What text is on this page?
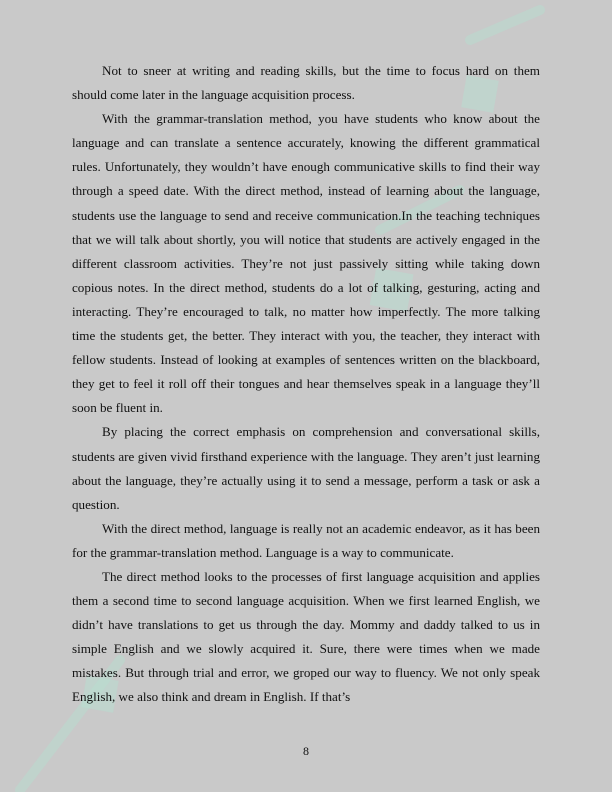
◆
◆
◆

Not to sneer at writing and reading skills, but the time to focus hard on them should come later in the language acquisition process.

With the grammar-translation method, you have students who know about the language and can translate a sentence accurately, knowing the different grammatical rules. Unfortunately, they wouldn’t have enough communicative skills to find their way through a speed date. With the direct method, instead of learning about the language, students use the language to send and receive communication.In the teaching techniques that we will talk about shortly, you will notice that students are actively engaged in the different classroom activities. They’re not just passively sitting while taking down copious notes. In the direct method, students do a lot of talking, gesturing, acting and interacting. They’re encouraged to talk, no matter how imperfectly. The more talking time the students get, the better. They interact with you, the teacher, they interact with fellow students. Instead of looking at examples of sentences written on the blackboard, they get to feel it roll off their tongues and hear themselves speak in a language they’ll soon be fluent in.

By placing the correct emphasis on comprehension and conversational skills, students are given vivid firsthand experience with the language. They aren’t just learning about the language, they’re actually using it to send a message, perform a task or ask a question.

With the direct method, language is really not an academic endeavor, as it has been for the grammar-translation method. Language is a way to communicate.

The direct method looks to the processes of first language acquisition and applies them a second time to second language acquisition. When we first learned English, we didn’t have translations to get us through the day. Mommy and daddy talked to us in simple English and we slowly acquired it. Sure, there were times when we made mistakes. But through trial and error, we groped our way to fluency. We not only speak English, we also think and dream in English. If that’s

8
